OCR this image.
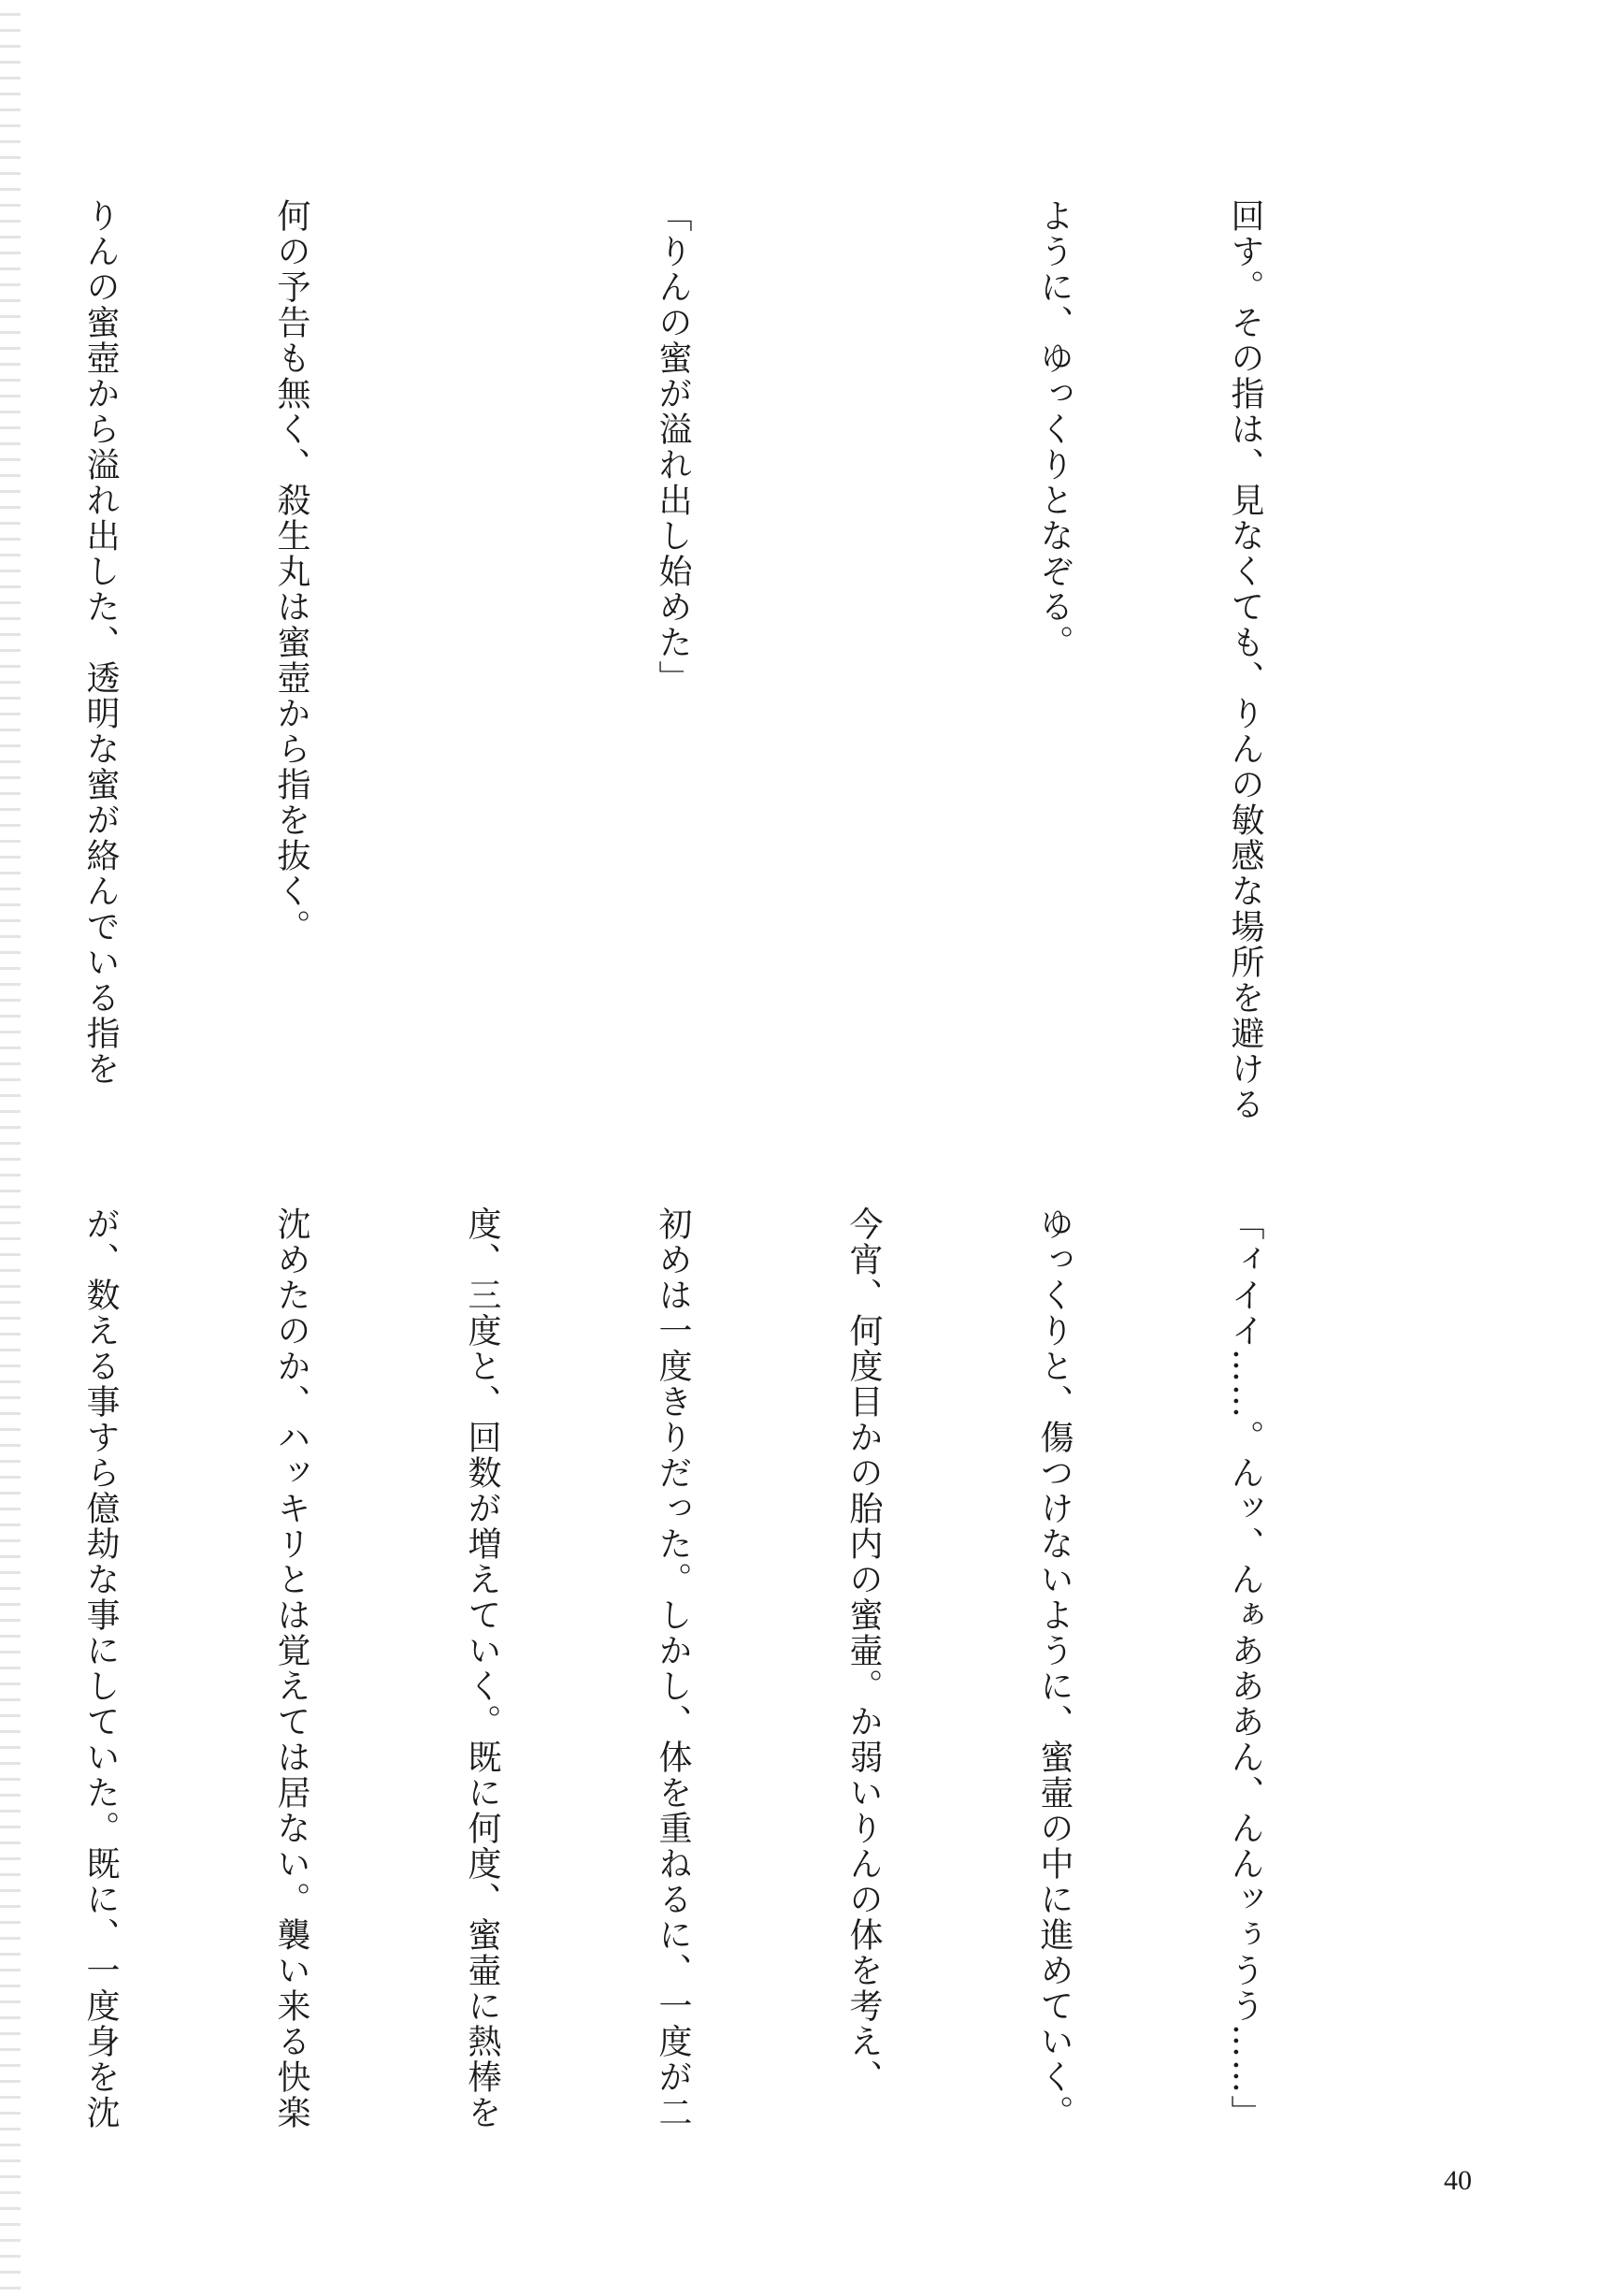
回す。その指は、見なくても、りんの敏感な場所を避ける

ように、ゆっくりとなぞる。

「りんの蜜が溢れ出し始めた」

何の予告も無く、殺生丸は蜜壺から指を抜く。

りんの蜜壺から溢れ出した、透明な蜜が絡んでいる指を

「ィイイ……。んッ、んぁあああん、んんッぅうう……」

ゆっくりと、傷つけないように、蜜壷の中に進めていく。

今宵、何度目かの胎内の蜜壷。か弱いりんの体を考え、

初めは一度きりだった。しかし、体を重ねるに、一度が二

度、三度と、回数が増えていく。既に何度、蜜壷に熱棒を

沈めたのか、ハッキリとは覚えては居ない。襲い来る快楽

が、数える事すら億劫な事にしていた。既に、一度身を沈

40
